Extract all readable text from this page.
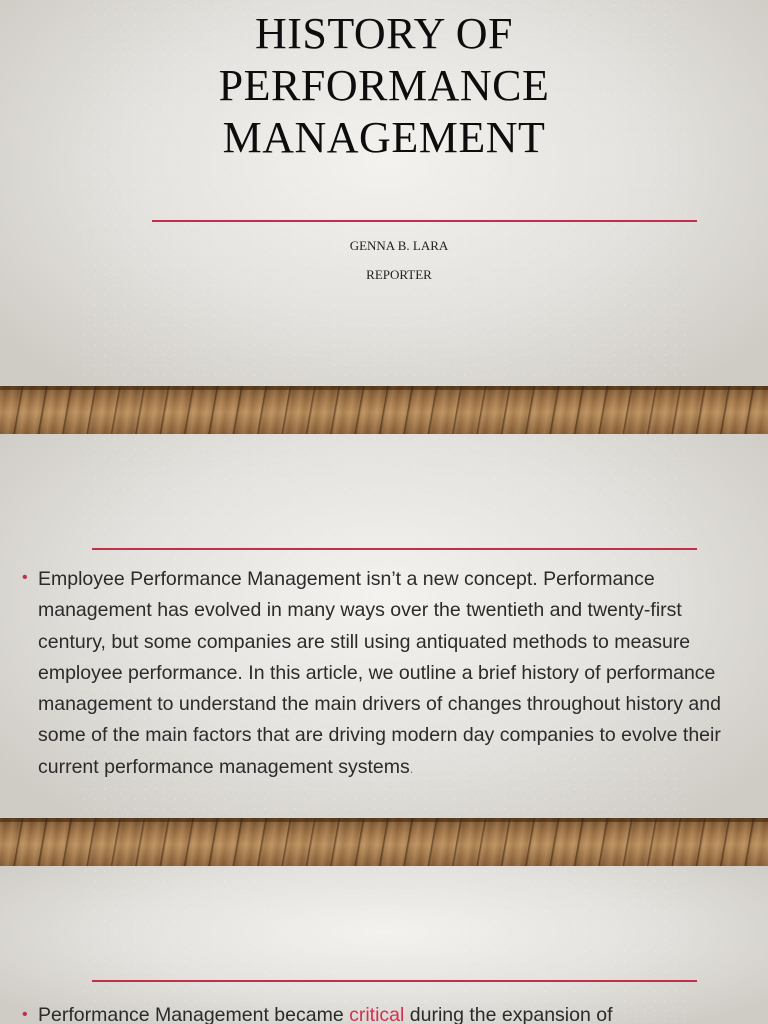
HISTORY OF
PERFORMANCE
MANAGEMENT
GENNA B. LARA
REPORTER
• Employee Performance Management isn’t a new concept. Performance management has evolved in many ways over the twentieth and twenty-first century, but some companies are still using antiquated methods to measure employee performance. In this article, we outline a brief history of performance management to understand the main drivers of changes throughout history and some of the main factors that are driving modern day companies to evolve their current performance management systems.

• Performance Management became critical during the expansion of
